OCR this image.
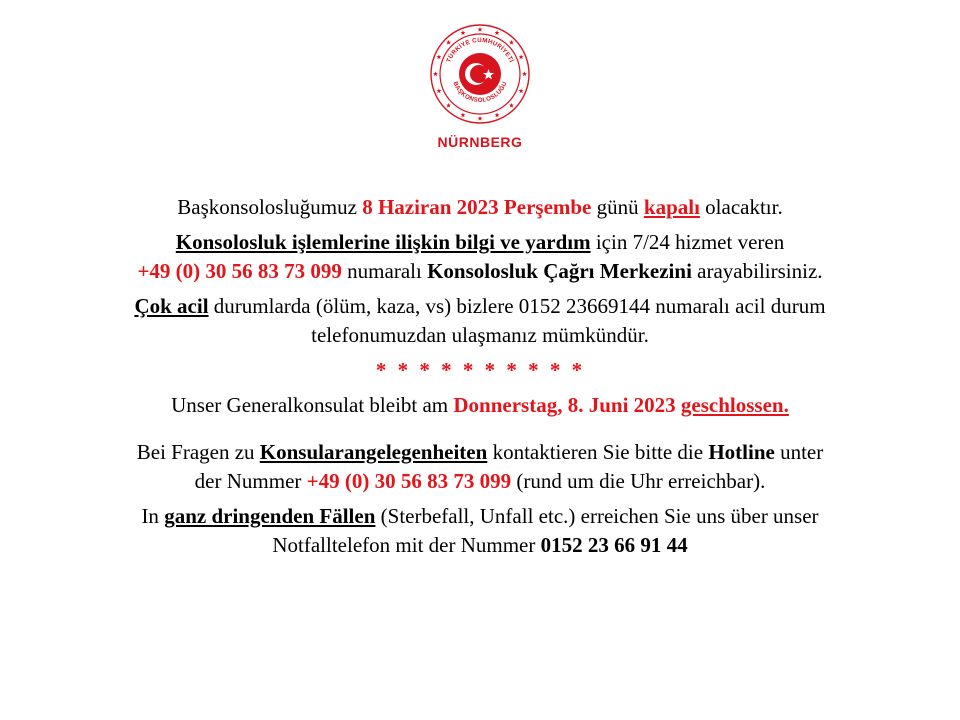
TÜRKİYE CUMHURİYETİ
BAŞKONSOLOSLUĞU
NÜRNBERG

Başkonsolosluğumuz 8 Haziran 2023 Perşembe günü kapalı olacaktır.

Konsolosluk işlemlerine ilişkin bilgi ve yardım için 7/24 hizmet veren
+49 (0) 30 56 83 73 099 numaralı Konsolosluk Çağrı Merkezini arayabilirsiniz.

Çok acil durumlarda (ölüm, kaza, vs) bizlere 0152 23669144 numaralı acil durum
telefonumuzdan ulaşmanız mümkündür.

* * * * * * * * * *

Unser Generalkonsulat bleibt am Donnerstag, 8. Juni 2023 geschlossen.

Bei Fragen zu Konsularangelegenheiten kontaktieren Sie bitte die Hotline unter
der Nummer +49 (0) 30 56 83 73 099 (rund um die Uhr erreichbar).

In ganz dringenden Fällen (Sterbefall, Unfall etc.) erreichen Sie uns über unser
Notfalltelefon mit der Nummer 0152 23 66 91 44
